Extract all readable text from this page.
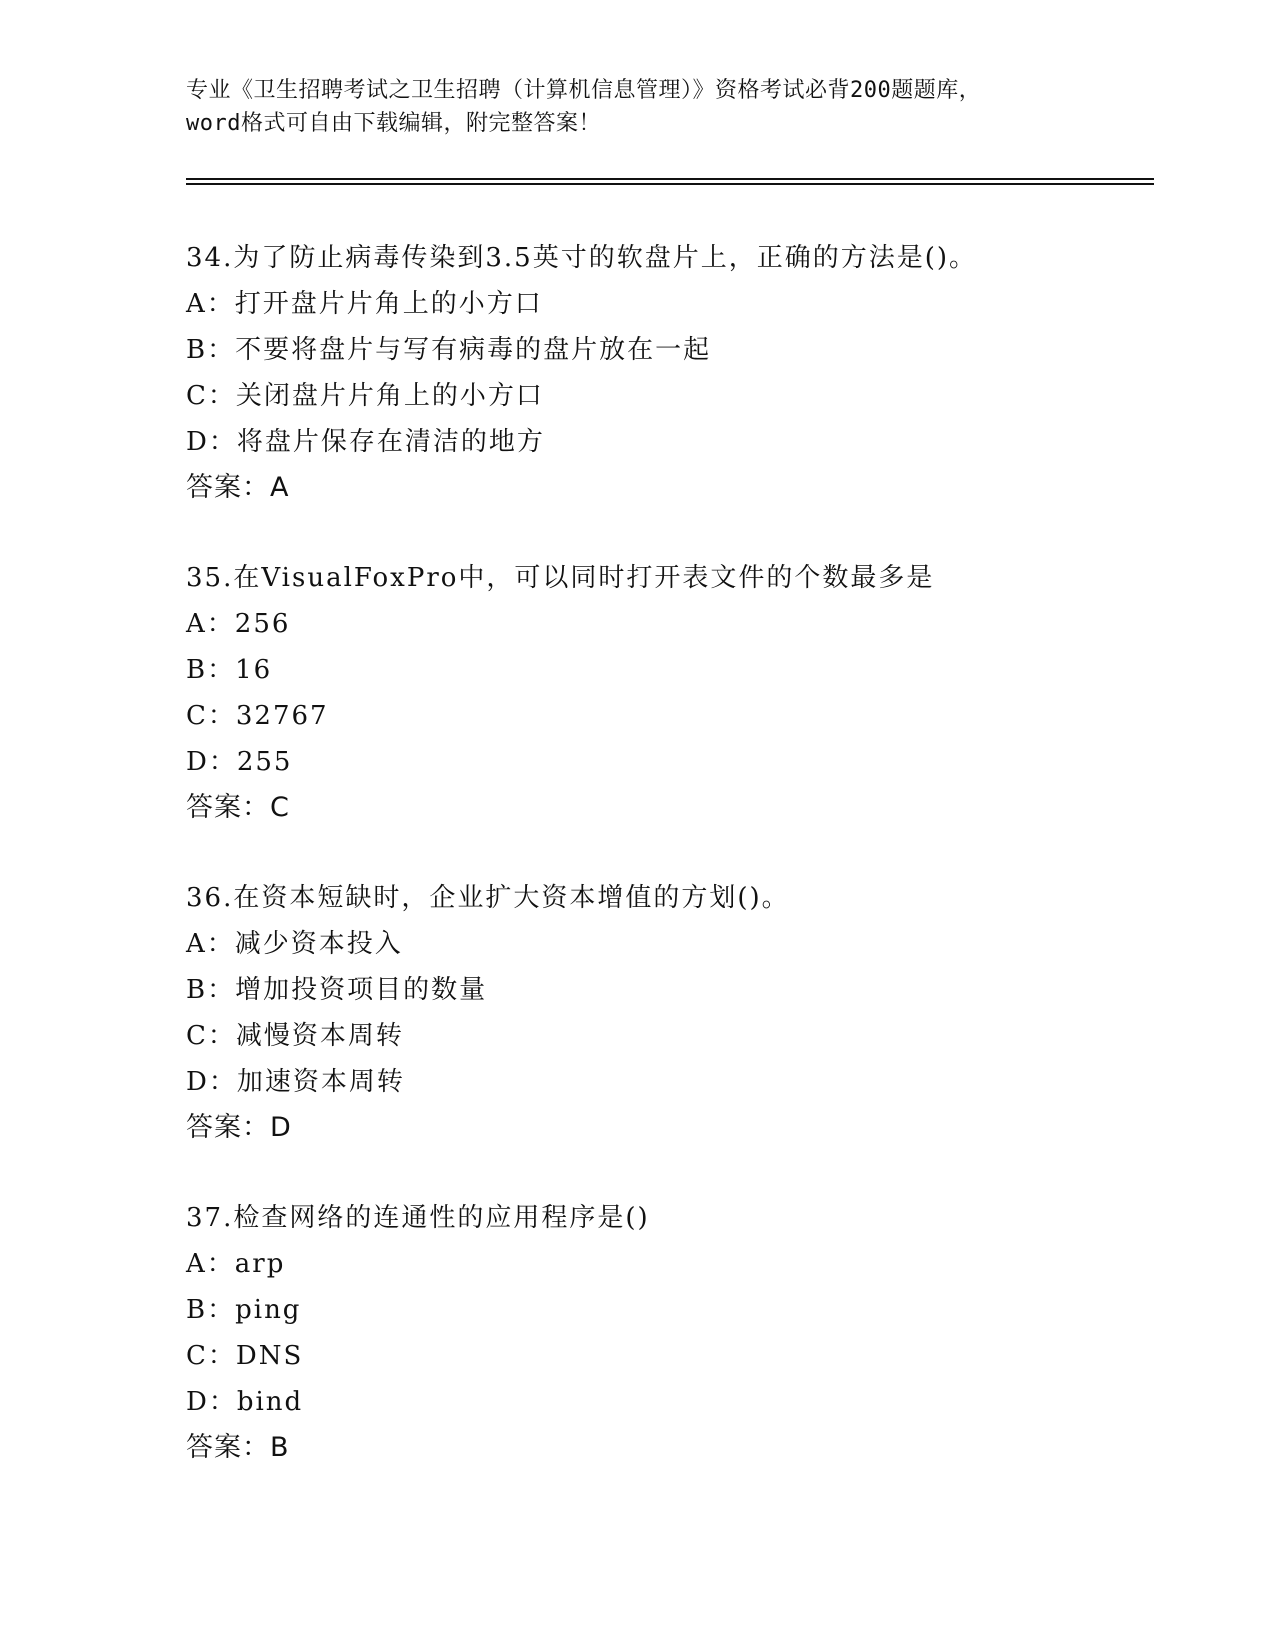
专业《卫生招聘考试之卫生招聘（计算机信息管理）》资格考试必背200题题库，
word格式可自由下载编辑，附完整答案！
34.为了防止病毒传染到3.5英寸的软盘片上，正确的方法是()。
A：打开盘片片角上的小方口
B：不要将盘片与写有病毒的盘片放在一起
C：关闭盘片片角上的小方口
D：将盘片保存在清洁的地方
答案：A
35.在VisualFoxPro中，可以同时打开表文件的个数最多是
A：256
B：16
C：32767
D：255
答案：C
36.在资本短缺时，企业扩大资本增值的方划()。
A：减少资本投入
B：增加投资项目的数量
C：减慢资本周转
D：加速资本周转
答案：D
37.检查网络的连通性的应用程序是()
A：arp
B：ping
C：DNS
D：bind
答案：B
